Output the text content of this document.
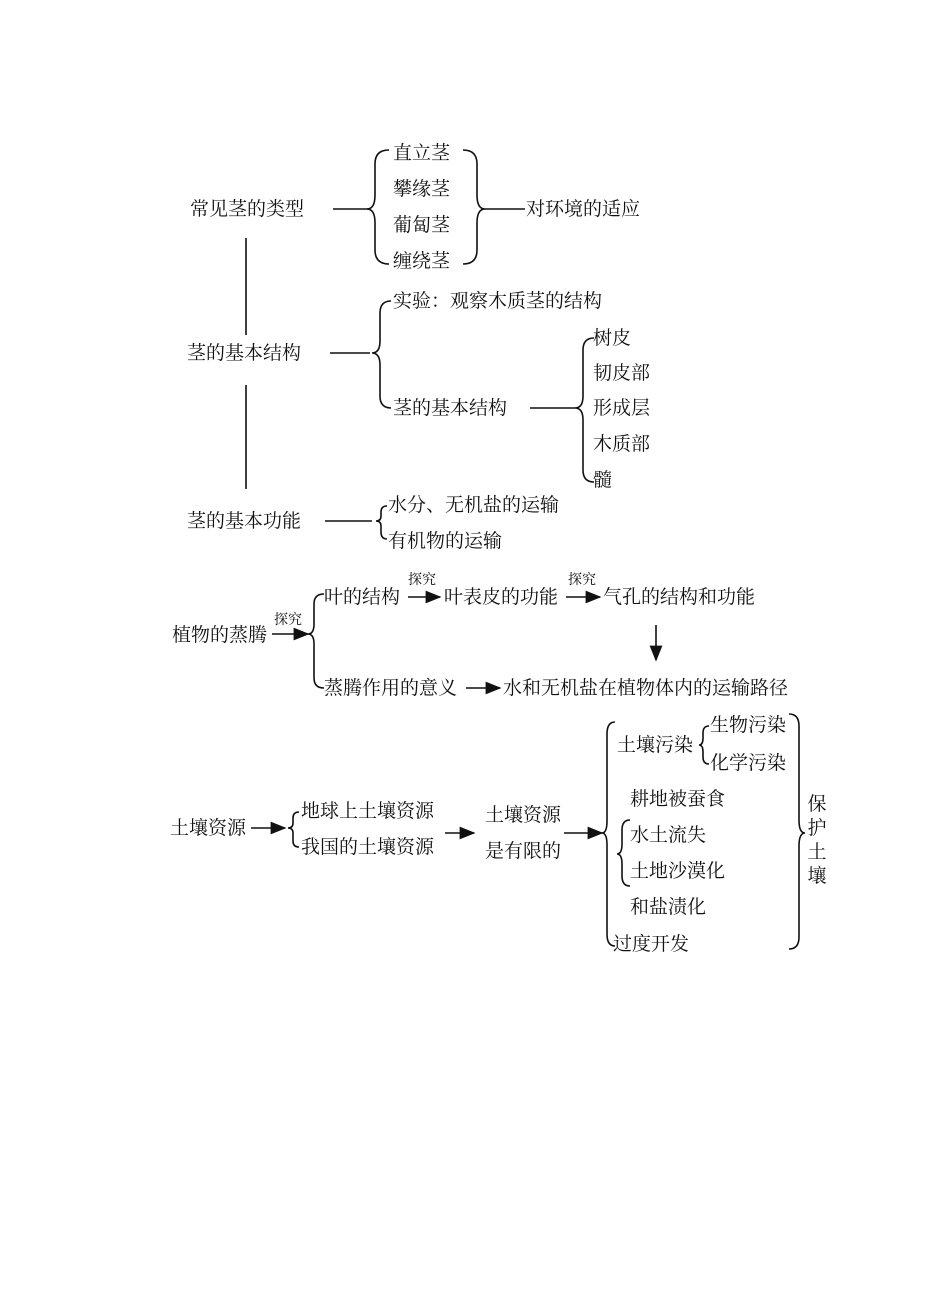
常见茎的类型
直立茎
攀缘茎
葡匐茎
缠绕茎
对环境的适应
茎的基本结构
实验：观察木质茎的结构
茎的基本结构
树皮
韧皮部
形成层
木质部
髓
茎的基本功能
水分、无机盐的运输
有机物的运输
植物的蒸腾
探究
叶的结构
探究
叶表皮的功能
探究
气孔的结构和功能
蒸腾作用的意义 水和无机盐在植物体内的运输路径
土壤资源
地球上土壤资源
我国的土壤资源
土壤资源
是有限的
土壤污染
生物污染
化学污染
耕地被蚕食
水土流失
土地沙漠化
和盐渍化
过度开发
保护土壤
